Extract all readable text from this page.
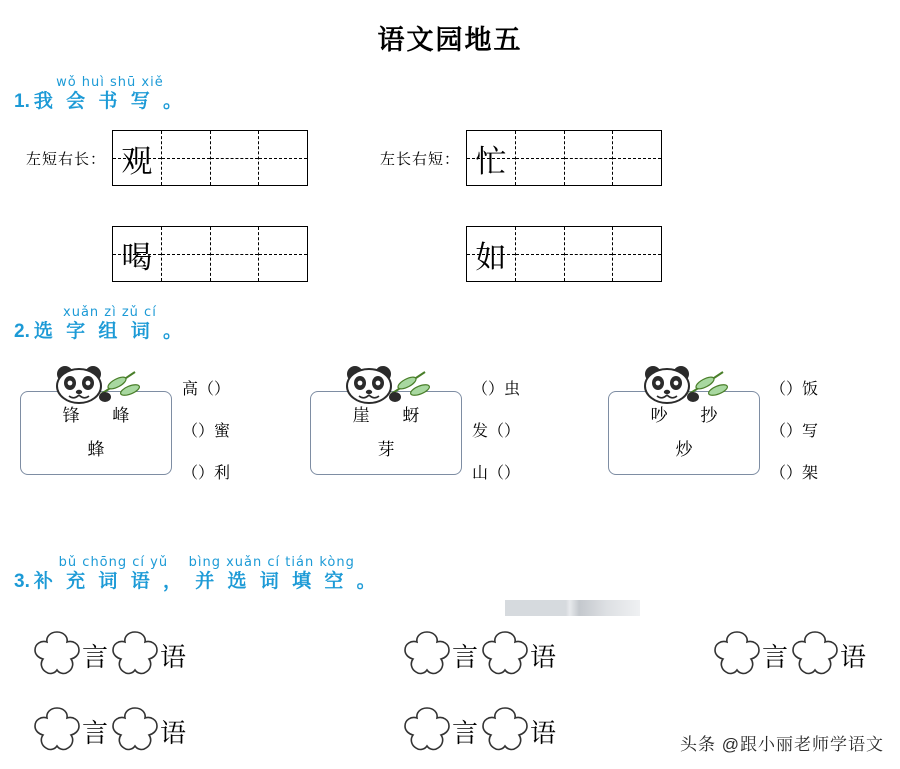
语文园地五
1.
wǒ huì shū xiě
我 会 书 写 。
左短右长： 观	左长右短： 忙
喝	如
2.
xuǎn zì zǔ cí
选 字 组 词 。
锋 峰
蜂
高（）
（）蜜
（）利
崖 蚜
芽
（）虫
发（）
山（）
吵 抄
炒
（）饭
（）写
（）架
3.
bǔ chōng cí yǔ bìng xuǎn cí tián kòng
补 充 词 语 ， 并 选 词 填 空 。
言 语	言 语	言 语
言 语	言 语	头条 @跟小丽老师学语文
